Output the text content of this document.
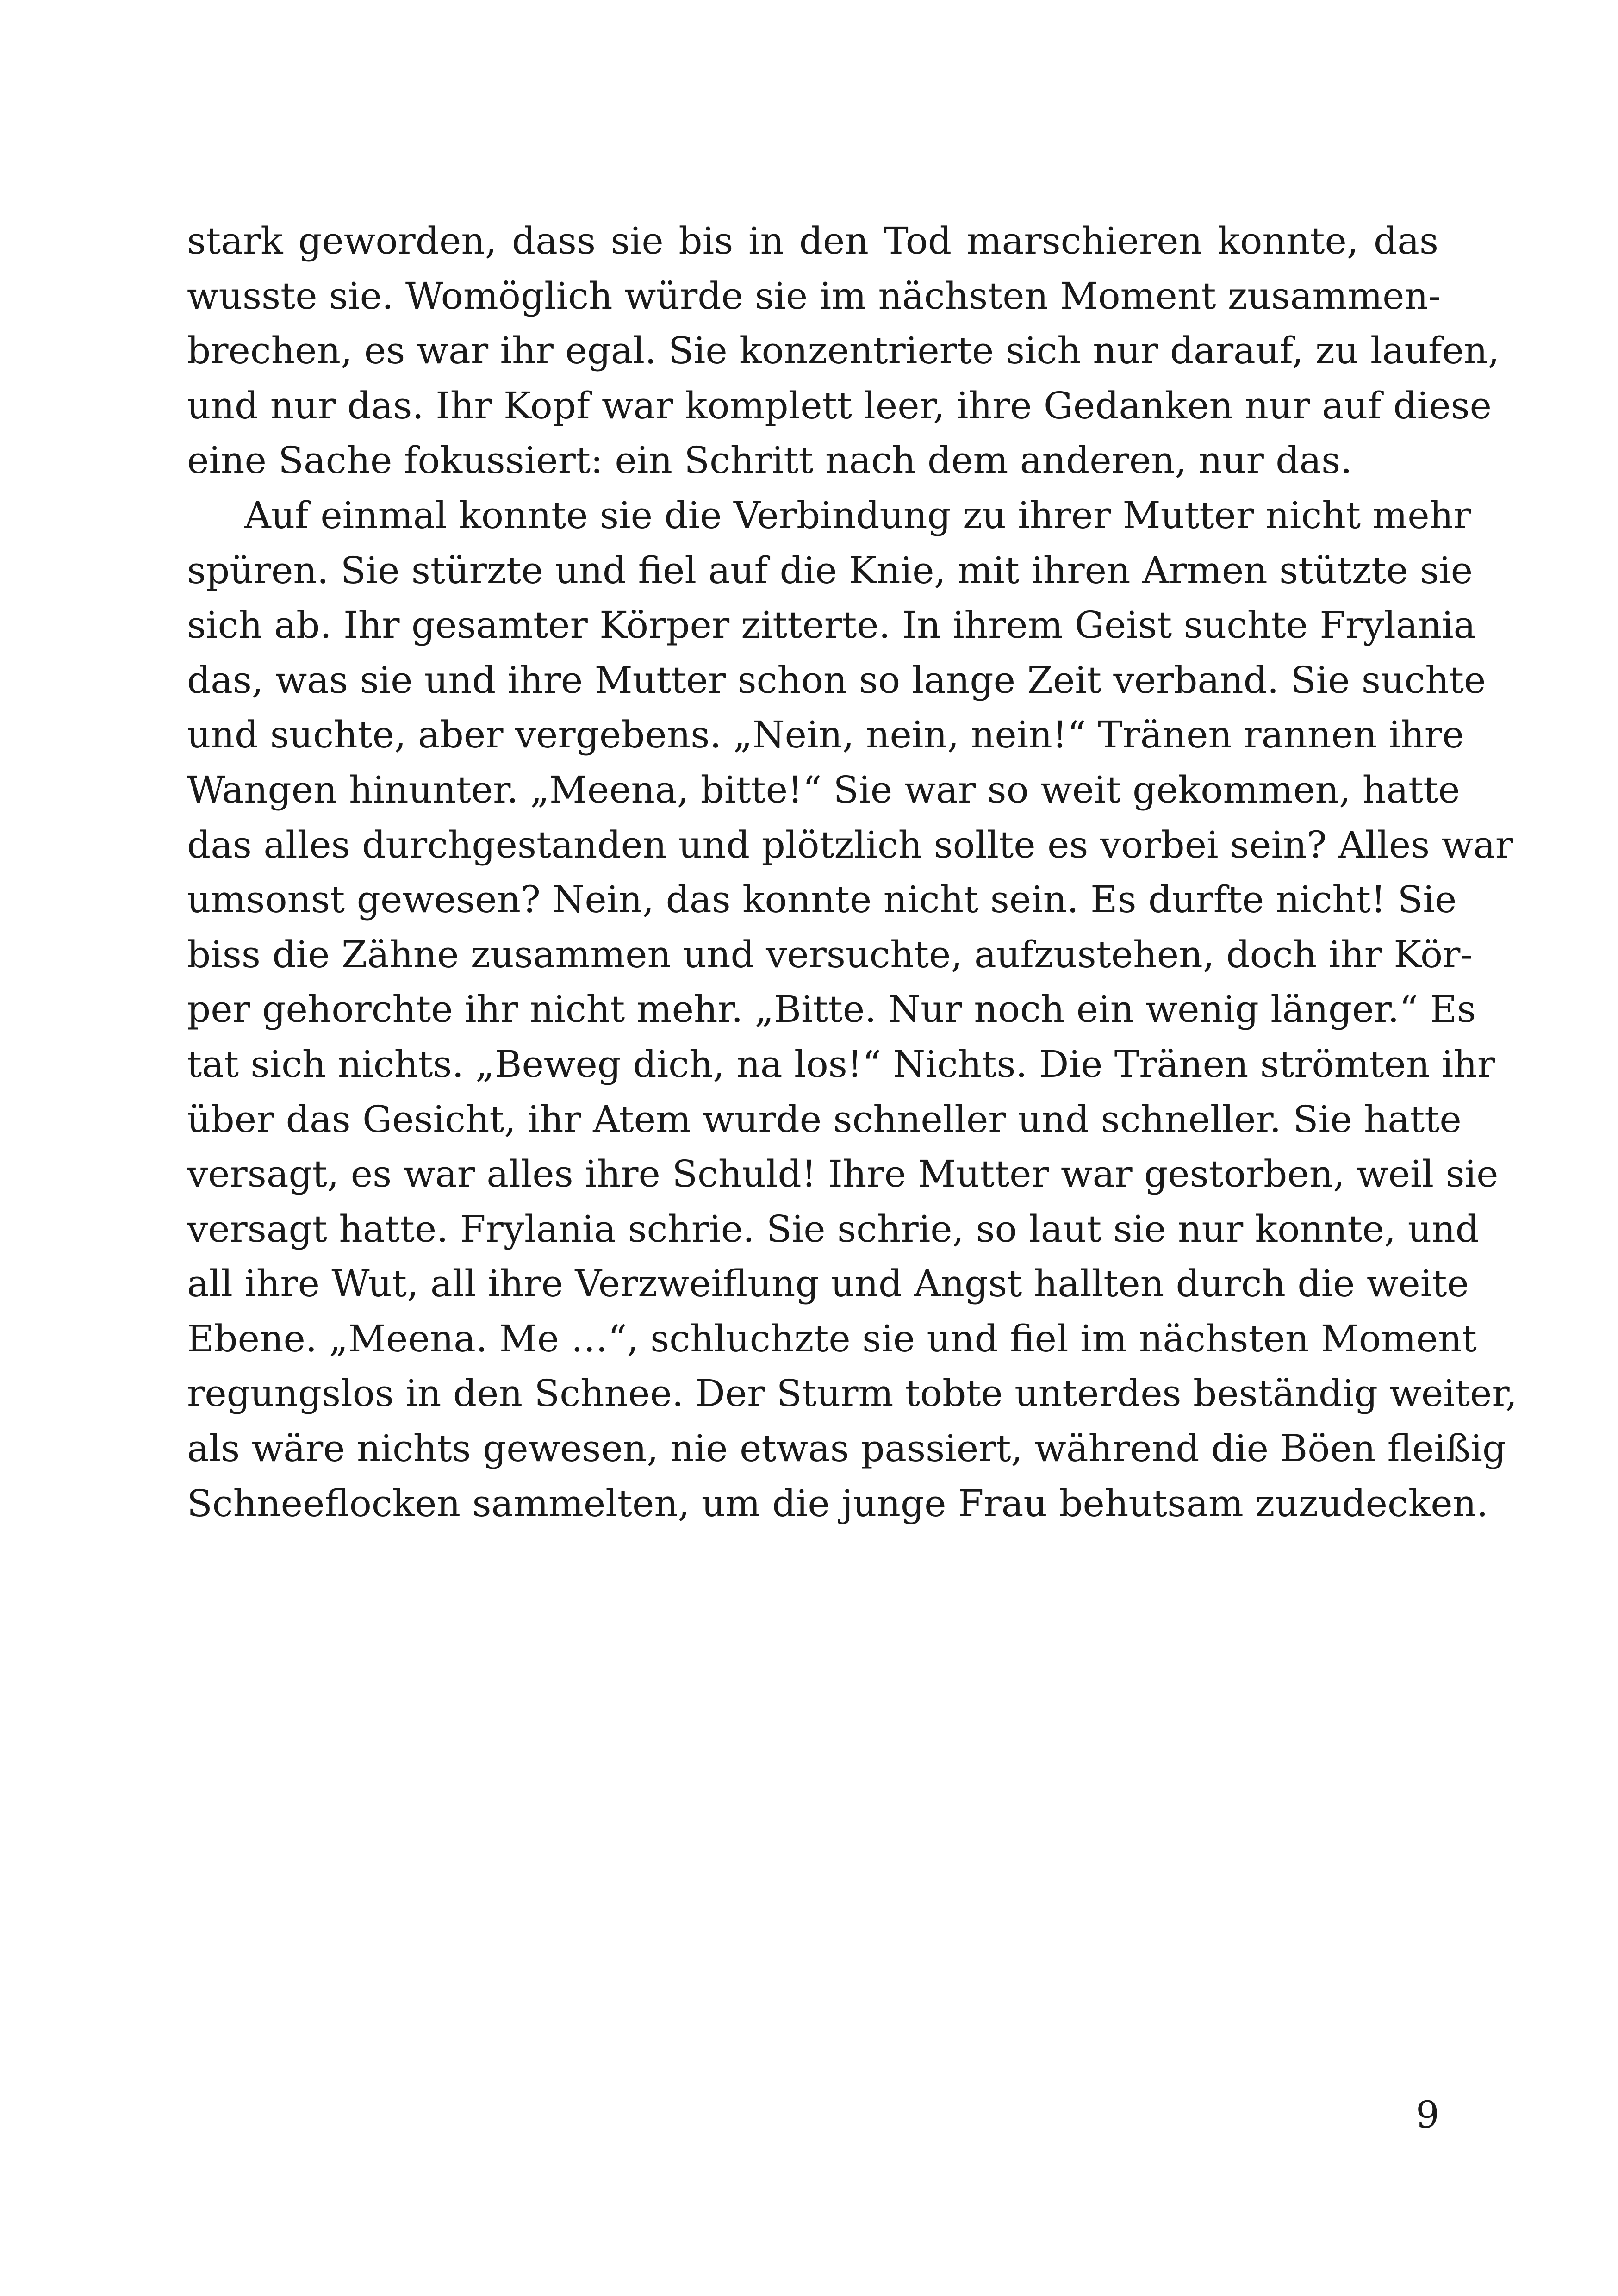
stark geworden, dass sie bis in den Tod marschieren konnte, das
wusste sie. Womöglich würde sie im nächsten Moment zusammen-
brechen, es war ihr egal. Sie konzentrierte sich nur darauf, zu laufen,
und nur das. Ihr Kopf war komplett leer, ihre Gedanken nur auf diese
eine Sache fokussiert: ein Schritt nach dem anderen, nur das.
Auf einmal konnte sie die Verbindung zu ihrer Mutter nicht mehr
spüren. Sie stürzte und fiel auf die Knie, mit ihren Armen stützte sie
sich ab. Ihr gesamter Körper zitterte. In ihrem Geist suchte Frylania
das, was sie und ihre Mutter schon so lange Zeit verband. Sie suchte
und suchte, aber vergebens. „Nein, nein, nein!“ Tränen rannen ihre
Wangen hinunter. „Meena, bitte!“ Sie war so weit gekommen, hatte
das alles durchgestanden und plötzlich sollte es vorbei sein? Alles war
umsonst gewesen? Nein, das konnte nicht sein. Es durfte nicht! Sie
biss die Zähne zusammen und versuchte, aufzustehen, doch ihr Kör-
per gehorchte ihr nicht mehr. „Bitte. Nur noch ein wenig länger.“ Es
tat sich nichts. „Beweg dich, na los!“ Nichts. Die Tränen strömten ihr
über das Gesicht, ihr Atem wurde schneller und schneller. Sie hatte
versagt, es war alles ihre Schuld! Ihre Mutter war gestorben, weil sie
versagt hatte. Frylania schrie. Sie schrie, so laut sie nur konnte, und
all ihre Wut, all ihre Verzweiflung und Angst hallten durch die weite
Ebene. „Meena. Me …“, schluchzte sie und fiel im nächsten Moment
regungslos in den Schnee. Der Sturm tobte unterdes beständig weiter,
als wäre nichts gewesen, nie etwas passiert, während die Böen fleißig
Schneeflocken sammelten, um die junge Frau behutsam zuzudecken.
9
